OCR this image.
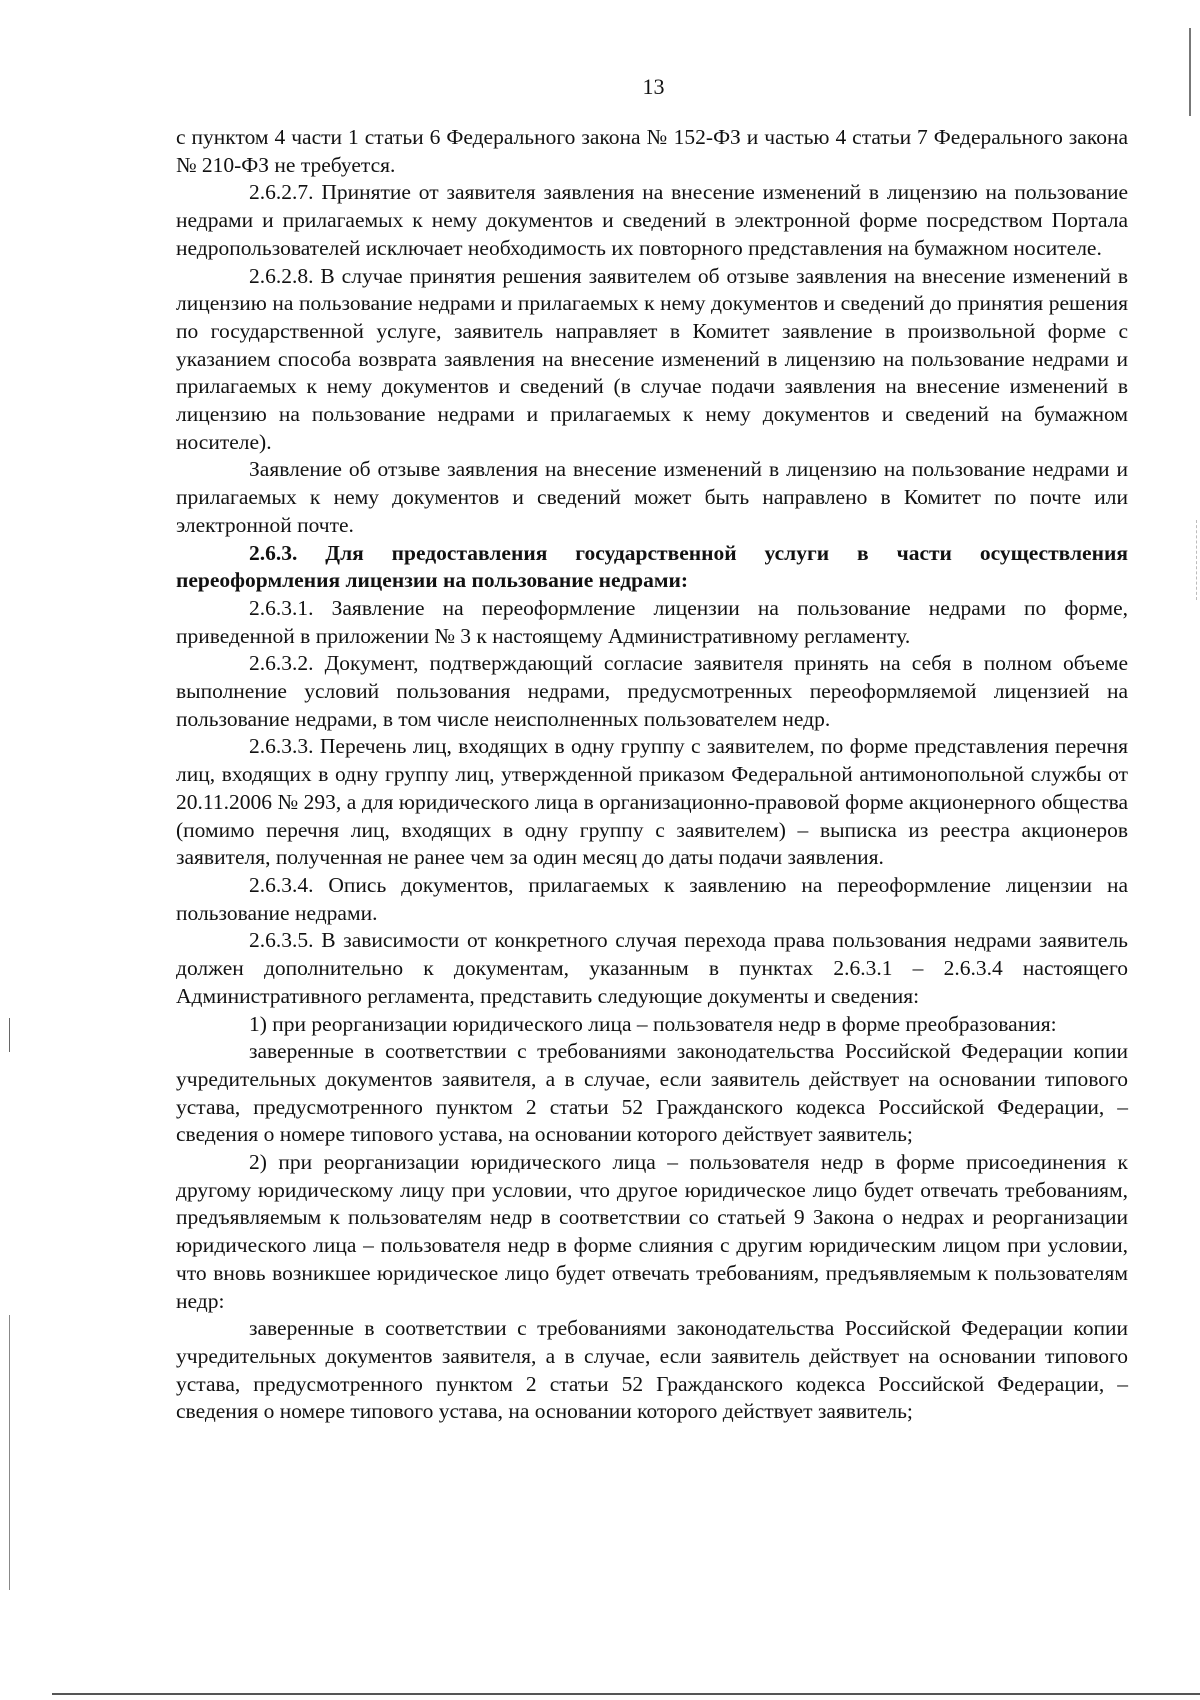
13

с пунктом 4 части 1 статьи 6 Федерального закона № 152-ФЗ и частью 4 статьи 7 Федерального закона № 210-ФЗ не требуется.

2.6.2.7. Принятие от заявителя заявления на внесение изменений в лицензию на пользование недрами и прилагаемых к нему документов и сведений в электронной форме посредством Портала недропользователей исключает необходимость их повторного представления на бумажном носителе.

2.6.2.8. В случае принятия решения заявителем об отзыве заявления на внесение изменений в лицензию на пользование недрами и прилагаемых к нему документов и сведений до принятия решения по государственной услуге, заявитель направляет в Комитет заявление в произвольной форме с указанием способа возврата заявления на внесение изменений в лицензию на пользование недрами и прилагаемых к нему документов и сведений (в случае подачи заявления на внесение изменений в лицензию на пользование недрами и прилагаемых к нему документов и сведений на бумажном носителе).

Заявление об отзыве заявления на внесение изменений в лицензию на пользование недрами и прилагаемых к нему документов и сведений может быть направлено в Комитет по почте или электронной почте.

2.6.3. Для предоставления государственной услуги в части осуществления переоформления лицензии на пользование недрами:

2.6.3.1. Заявление на переоформление лицензии на пользование недрами по форме, приведенной в приложении № 3 к настоящему Административному регламенту.

2.6.3.2. Документ, подтверждающий согласие заявителя принять на себя в полном объеме выполнение условий пользования недрами, предусмотренных переоформляемой лицензией на пользование недрами, в том числе неисполненных пользователем недр.

2.6.3.3. Перечень лиц, входящих в одну группу с заявителем, по форме представления перечня лиц, входящих в одну группу лиц, утвержденной приказом Федеральной антимонопольной службы от 20.11.2006 № 293, а для юридического лица в организационно-правовой форме акционерного общества (помимо перечня лиц, входящих в одну группу с заявителем) – выписка из реестра акционеров заявителя, полученная не ранее чем за один месяц до даты подачи заявления.

2.6.3.4. Опись документов, прилагаемых к заявлению на переоформление лицензии на пользование недрами.

2.6.3.5. В зависимости от конкретного случая перехода права пользования недрами заявитель должен дополнительно к документам, указанным в пунктах 2.6.3.1 – 2.6.3.4 настоящего Административного регламента, представить следующие документы и сведения:

1) при реорганизации юридического лица – пользователя недр в форме преобразования:

заверенные в соответствии с требованиями законодательства Российской Федерации копии учредительных документов заявителя, а в случае, если заявитель действует на основании типового устава, предусмотренного пунктом 2 статьи 52 Гражданского кодекса Российской Федерации, – сведения о номере типового устава, на основании которого действует заявитель;

2) при реорганизации юридического лица – пользователя недр в форме присоединения к другому юридическому лицу при условии, что другое юридическое лицо будет отвечать требованиям, предъявляемым к пользователям недр в соответствии со статьей 9 Закона о недрах и реорганизации юридического лица – пользователя недр в форме слияния с другим юридическим лицом при условии, что вновь возникшее юридическое лицо будет отвечать требованиям, предъявляемым к пользователям недр:

заверенные в соответствии с требованиями законодательства Российской Федерации копии учредительных документов заявителя, а в случае, если заявитель действует на основании типового устава, предусмотренного пунктом 2 статьи 52 Гражданского кодекса Российской Федерации, – сведения о номере типового устава, на основании которого действует заявитель;
